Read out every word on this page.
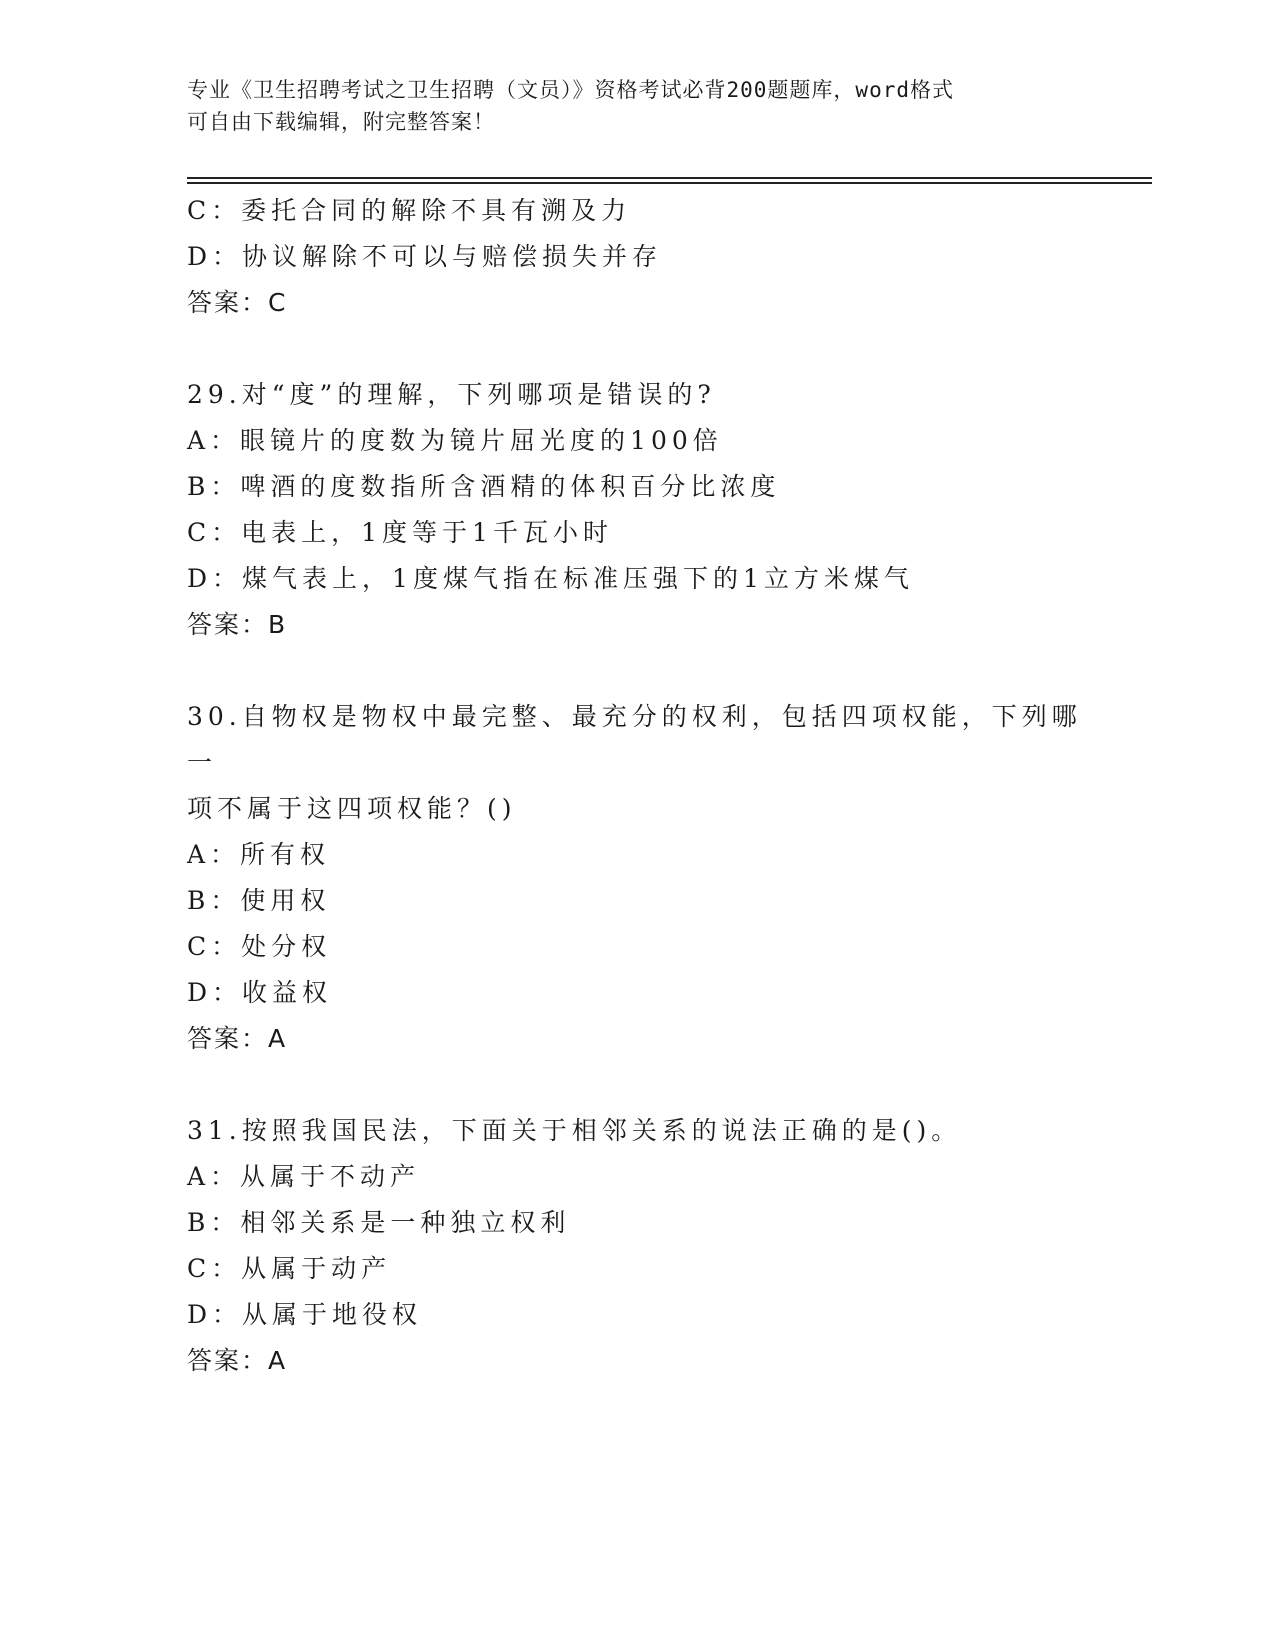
专业《卫生招聘考试之卫生招聘（文员）》资格考试必背200题题库，word格式
可自由下载编辑，附完整答案！
C：委托合同的解除不具有溯及力
D：协议解除不可以与赔偿损失并存
答案：C
29.对“度”的理解，下列哪项是错误的?
A：眼镜片的度数为镜片屈光度的100倍
B：啤酒的度数指所含酒精的体积百分比浓度
C：电表上，1度等于1千瓦小时
D：煤气表上，1度煤气指在标准压强下的1立方米煤气
答案：B
30.自物权是物权中最完整、最充分的权利，包括四项权能，下列哪一
项不属于这四项权能？()
A：所有权
B：使用权
C：处分权
D：收益权
答案：A
31.按照我国民法，下面关于相邻关系的说法正确的是()。
A：从属于不动产
B：相邻关系是一种独立权利
C：从属于动产
D：从属于地役权
答案：A
